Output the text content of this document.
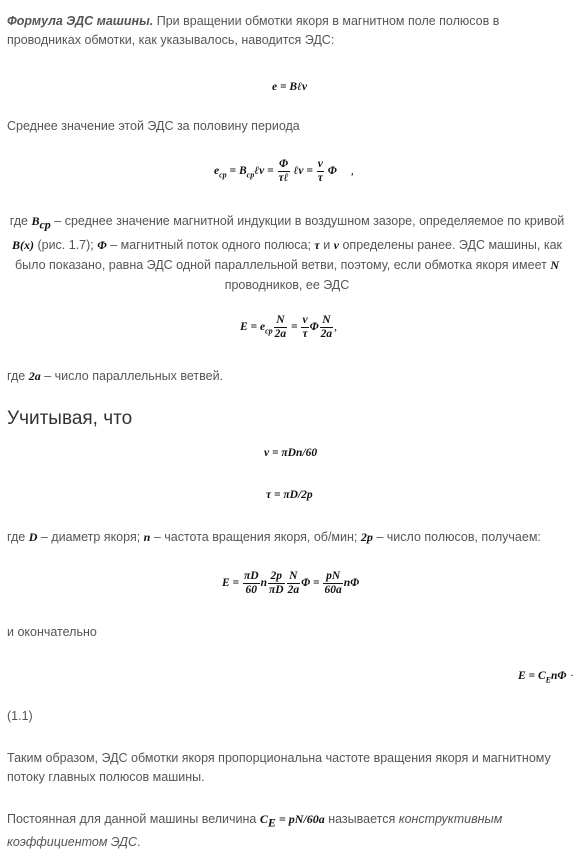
Формула ЭДС машины. При вращении обмотки якоря в магнитном поле полюсов в проводниках обмотки, как указывалось, наводится ЭДС:
e = Bℓv
Среднее значение этой ЭДС за половину периода
$e_{ср}$ = $B_{ср}\ell v = \frac{\Phi}{\text{τℓ}}$ ℓv = $\frac{v}{\tau}$ Φ ,
где $B_{ср}$ – среднее значение магнитной индукции в воздушном зазоре, определяемое по кривой B(x) (рис. 1.7); Φ – магнитный поток одного полюса; τ и v определены ранее. ЭДС машины, как было показано, равна ЭДС одной параллельной ветви, поэтому, если обмотка якоря имеет N проводников, ее ЭДС
$E = e_{ср} \frac{N}{2a} = \frac{v}{\tau}$ Φ $\frac{N}{2a}$ ,
где 2a – число параллельных ветвей.
Учитывая, что
v = πDn/60
τ = πD/2p
где D – диаметр якоря; n – частота вращения якоря, об/мин; 2p – число полюсов, получаем:
$E = \frac{\pi D}{60}$ n $\frac{2p}{\pi D} \frac{N}{2a}$ $\Phi = \frac{pN}{60a}$ nΦ
и окончательно
$E = C_En\Phi$ ·
(1.1)
Таким образом, ЭДС обмотки якоря пропорциональна частоте вращения якоря и магнитному потоку главных полюсов машины.
Постоянная для данной машины величина $C_E = pN/60a$ называется конструктивным коэффициентом ЭДС.
